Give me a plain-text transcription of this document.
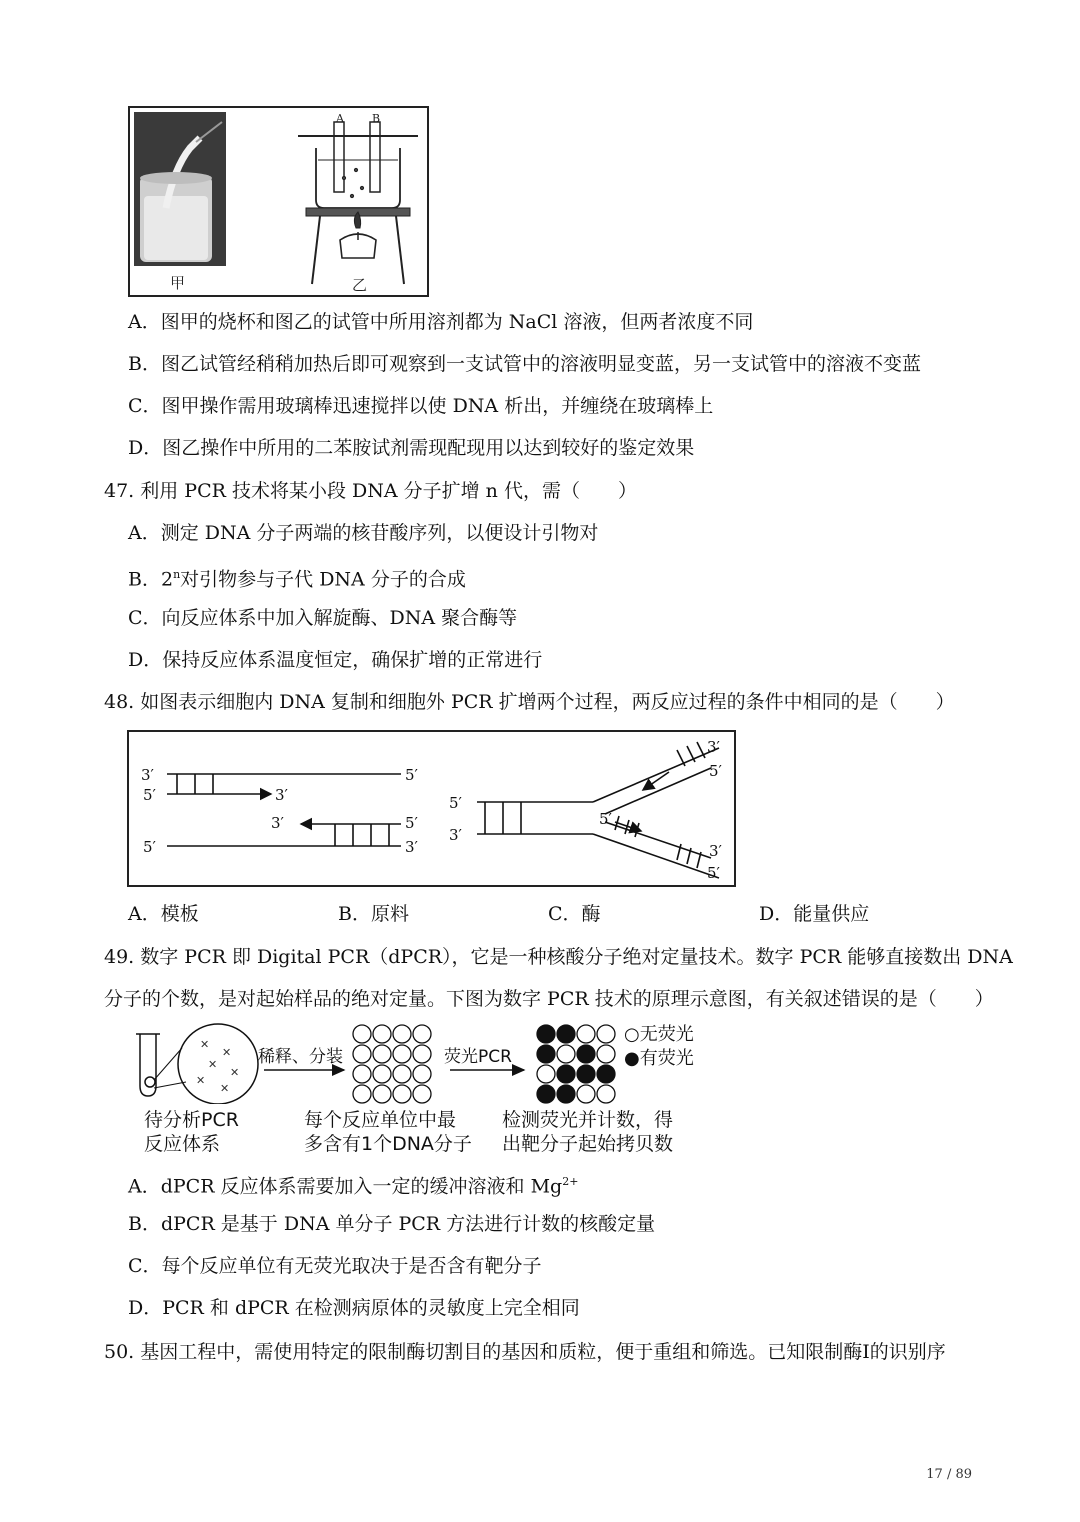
A	B
甲	乙
A．图甲的烧杯和图乙的试管中所用溶剂都为 NaCl 溶液，但两者浓度不同
B．图乙试管经稍稍加热后即可观察到一支试管中的溶液明显变蓝，另一支试管中的溶液不变蓝
C．图甲操作需用玻璃棒迅速搅拌以使 DNA 析出，并缠绕在玻璃棒上
D．图乙操作中所用的二苯胺试剂需现配现用以达到较好的鉴定效果
47. 利用 PCR 技术将某小段 DNA 分子扩增 n 代，需（　　）
A．测定 DNA 分子两端的核苷酸序列，以便设计引物对
B．2$^n$对引物参与子代 DNA 分子的合成
C．向反应体系中加入解旋酶、DNA 聚合酶等
D．保持反应体系温度恒定，确保扩增的正常进行
48. 如图表示细胞内 DNA 复制和细胞外 PCR 扩增两个过程，两反应过程的条件中相同的是（　　）
3′	5′
5′	3′
3′	5′
5′	3′
5′
3′
3′
5′
5′
3′
5′
A．模板	B．原料	C．酶	D．能量供应
49. 数字 PCR 即 Digital PCR（dPCR），它是一种核酸分子绝对定量技术。数字 PCR 能够直接数出 DNA
分子的个数，是对起始样品的绝对定量。下图为数字 PCR 技术的原理示意图，有关叙述错误的是（　　）
✕
✕
✕
✕
✕
✕
稀释、分装	荧光PCR
○无荧光
●有荧光
待分析PCR
反应体系
每个反应单位中最
多含有1个DNA分子
检测荧光并计数，得
出靶分子起始拷贝数
A．dPCR 反应体系需要加入一定的缓冲溶液和 $Mg^{2+}$
B．dPCR 是基于 DNA 单分子 PCR 方法进行计数的核酸定量
C．每个反应单位有无荧光取决于是否含有靶分子
D．PCR 和 dPCR 在检测病原体的灵敏度上完全相同
50. 基因工程中，需使用特定的限制酶切割目的基因和质粒，便于重组和筛选。已知限制酶Ⅰ的识别序
17 / 89
